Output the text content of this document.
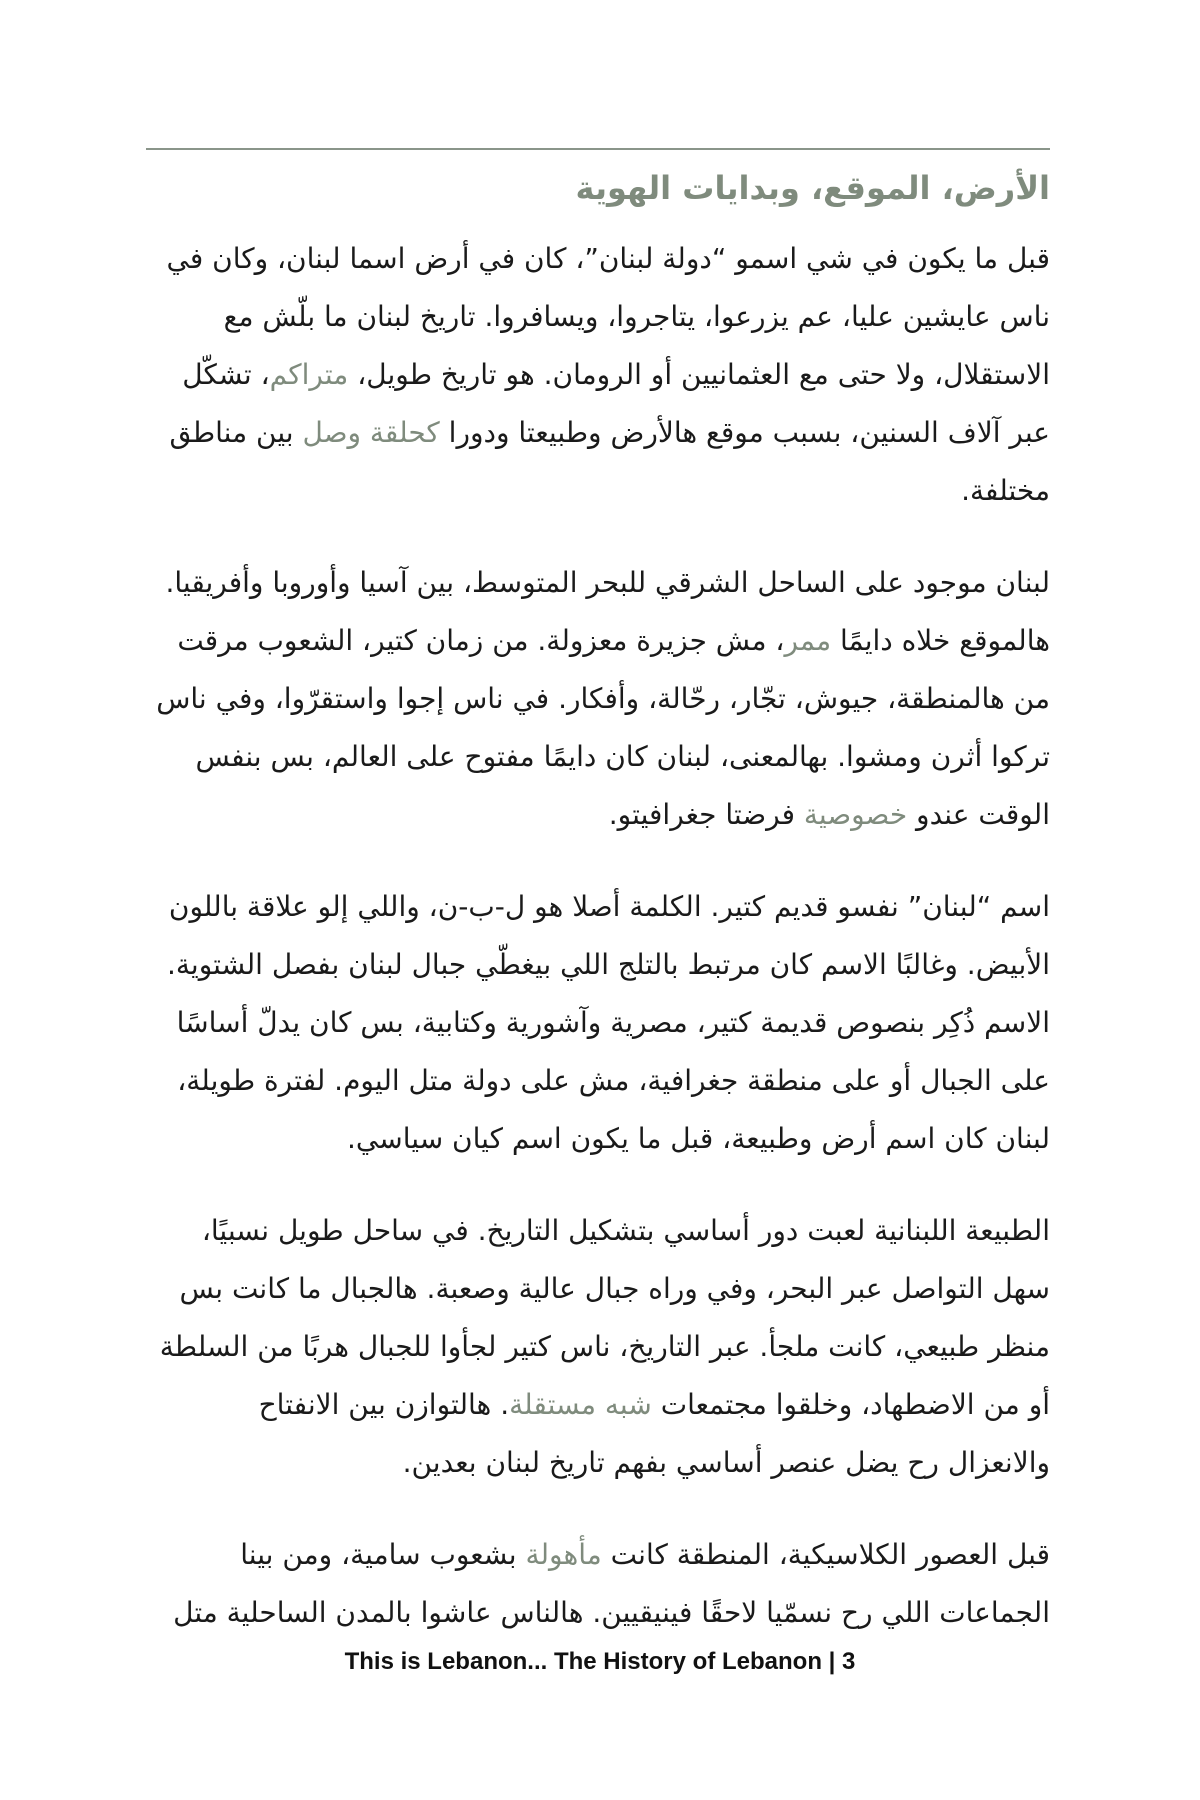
الأرض، الموقع، وبدايات الهوية

قبل ما يكون في شي اسمو “دولة لبنان”، كان في أرض اسما لبنان، وكان في ناس عايشين عليا، عم يزرعوا، يتاجروا، ويسافروا. تاريخ لبنان ما بلّش مع الاستقلال، ولا حتى مع العثمانيين أو الرومان. هو تاريخ طويل، متراكم، تشكّل عبر آلاف السنين، بسبب موقع هالأرض وطبيعتا ودورا كحلقة وصل بين مناطق مختلفة.

لبنان موجود على الساحل الشرقي للبحر المتوسط، بين آسيا وأوروبا وأفريقيا. هالموقع خلاه دايمًا ممر، مش جزيرة معزولة. من زمان كتير، الشعوب مرقت من هالمنطقة، جيوش، تجّار، رحّالة، وأفكار. في ناس إجوا واستقرّوا، وفي ناس تركوا أثرن ومشوا. بهالمعنى، لبنان كان دايمًا مفتوح على العالم، بس بنفس الوقت عندو خصوصية فرضتا جغرافيتو.

اسم “لبنان” نفسو قديم كتير. الكلمة أصلا هو ل-ب-ن، واللي إلو علاقة باللون الأبيض. وغالبًا الاسم كان مرتبط بالتلج اللي بيغطّي جبال لبنان بفصل الشتوية. الاسم ذُكِر بنصوص قديمة كتير، مصرية وآشورية وكتابية، بس كان يدلّ أساسًا على الجبال أو على منطقة جغرافية، مش على دولة متل اليوم. لفترة طويلة، لبنان كان اسم أرض وطبيعة، قبل ما يكون اسم كيان سياسي.

الطبيعة اللبنانية لعبت دور أساسي بتشكيل التاريخ. في ساحل طويل نسبيًا، سهل التواصل عبر البحر، وفي وراه جبال عالية وصعبة. هالجبال ما كانت بس منظر طبيعي، كانت ملجأ. عبر التاريخ، ناس كتير لجأوا للجبال هربًا من السلطة أو من الاضطهاد، وخلقوا مجتمعات شبه مستقلة. هالتوازن بين الانفتاح والانعزال رح يضل عنصر أساسي بفهم تاريخ لبنان بعدين.

قبل العصور الكلاسيكية، المنطقة كانت مأهولة بشعوب سامية، ومن بينا الجماعات اللي رح نسمّيا لاحقًا فينيقيين. هالناس عاشوا بالمدن الساحلية متل

This is Lebanon... The History of Lebanon | 3
